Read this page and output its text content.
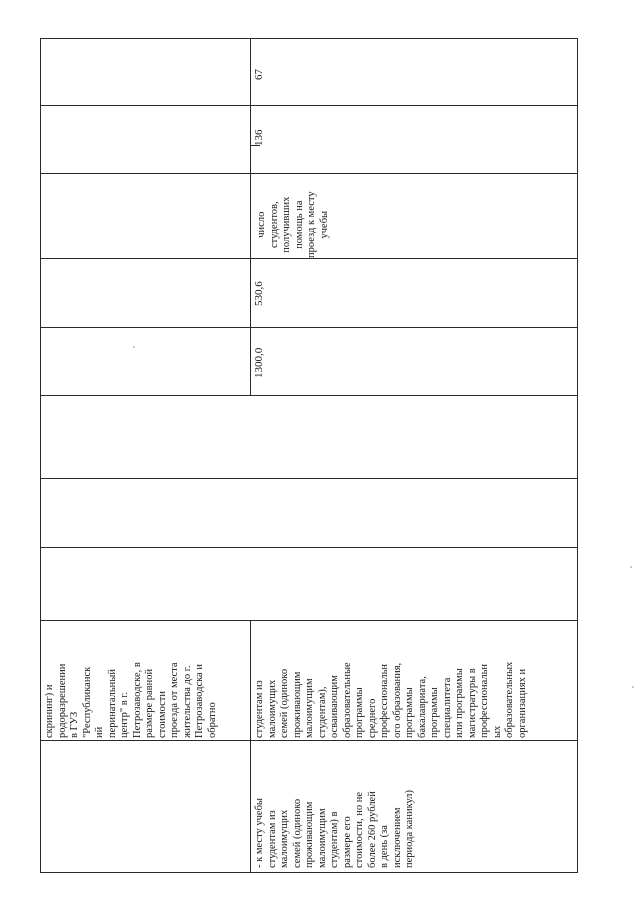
67
136
530,6
1300,0
число студентов, получивших помощь на проезд к месту учебы
скрининг) и родоразрешении в ГУЗ "Республиканск ий перинатальный центр" в г. Петрозаводске, в размере равной стоимости проезда от места жительства до г. Петрозаводска и обратно
- к месту учебы студентам из малоимущих семей (одиноко проживающим малоимущим студентам) в размере его стоимости, но не более 260 рублей в день (за исключением периода каникул)
студентам из малоимущих семей (одиноко проживающим малоимущим студентам), осваивающим образовательные программы среднего профессиональн ого образования, программы бакалавриата, программы специалитета или программы магистратуры в профессиональн ых образовательных организациях и
